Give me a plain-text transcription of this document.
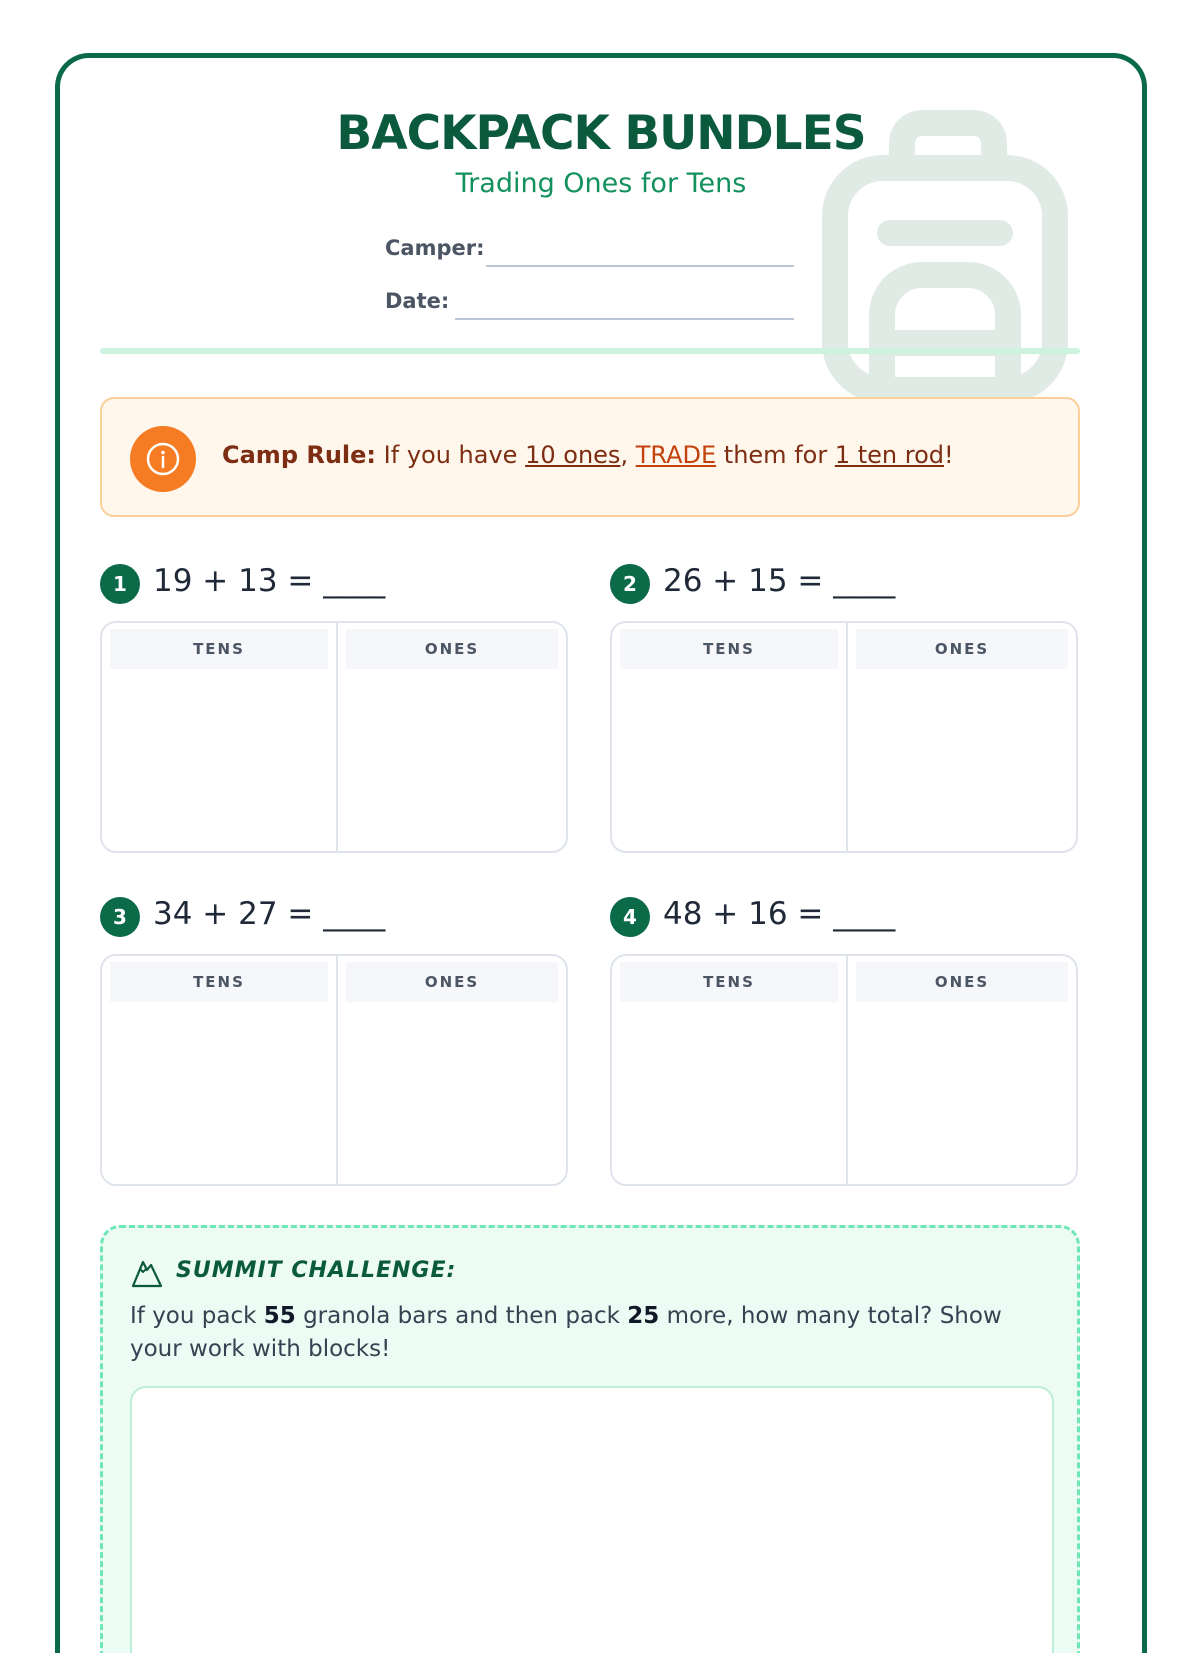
BACKPACK BUNDLES
Trading Ones for Tens
Camper:
Date:
Camp Rule: If you have 10 ones, TRADE them for 1 ten rod!
1 19 + 13 = ____
TENS	ONES
2 26 + 15 = ____
TENS	ONES
3 34 + 27 = ____
TENS	ONES
4 48 + 16 = ____
TENS	ONES
SUMMIT CHALLENGE:
If you pack 55 granola bars and then pack 25 more, how many total? Show your work with blocks!
